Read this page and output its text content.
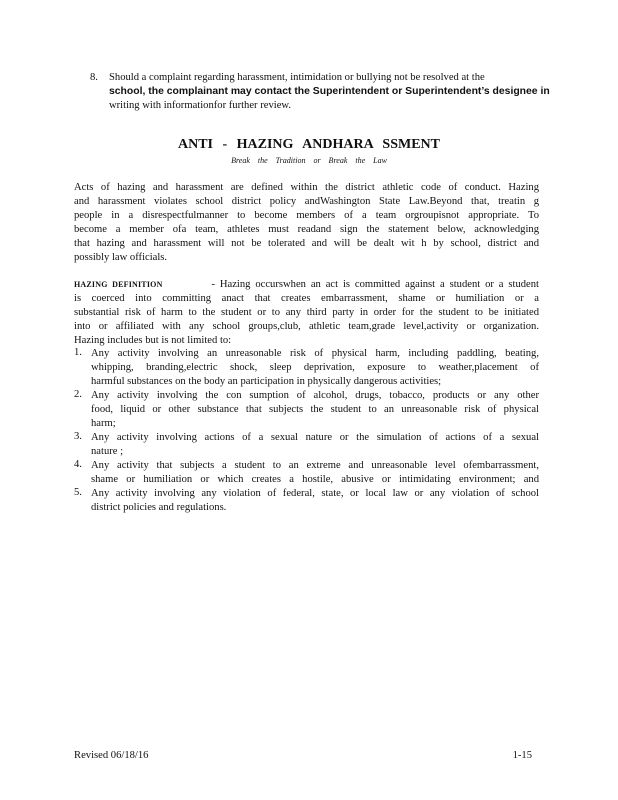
8. Should a complaint regarding harassment, intimidation or bullying not be resolved at the
school, the complainant may contact the Superintendent or Superintendent’s designee in
writing with informationfor further review.
ANTI - HAZING ANDHARA SSMENT
Break the Tradition or Break the Law
Acts of hazing and harassment are defined within the district athletic code of conduct. Hazing
and harassment violates school district policy andWashington State Law.Beyond that, treatin g
people in a disrespectfulmanner to become members of a team orgroupisnot appropriate. To
become a member ofa team, athletes must readand sign the statement below, acknowledging
that hazing and harassment will not be tolerated and will be dealt wit h by school, district and
possibly law officials.
HAZING DEFINITION	- Hazing occurswhen an act is committed against a student or a student
is coerced into committing anact that creates embarrassment, shame or humiliation or a
substantial risk of harm to the student or to any third party in order for the student to be initiated
into or affiliated with any school groups,club, athletic team,grade level,activity or organization.
Hazing includes but is not limited to:
1. Any activity involving an unreasonable risk of physical harm, including paddling, beating,
whipping, branding,electric shock, sleep deprivation, exposure to weather,placement of
harmful substances on the body an participation in physically dangerous activities;
2. Any activity involving the con sumption of alcohol, drugs, tobacco, products or any other
food, liquid or other substance that subjects the student to an unreasonable risk of physical
harm;
3. Any activity involving actions of a sexual nature or the simulation of actions of a sexual
nature ;
4. Any activity that subjects a student to an extreme and unreasonable level ofembarrassment,
shame or humiliation or which creates a hostile, abusive or intimidating environment; and
5. Any activity involving any violation of federal, state, or local law or any violation of school
district policies and regulations.
Revised 06/18/16	1-15
